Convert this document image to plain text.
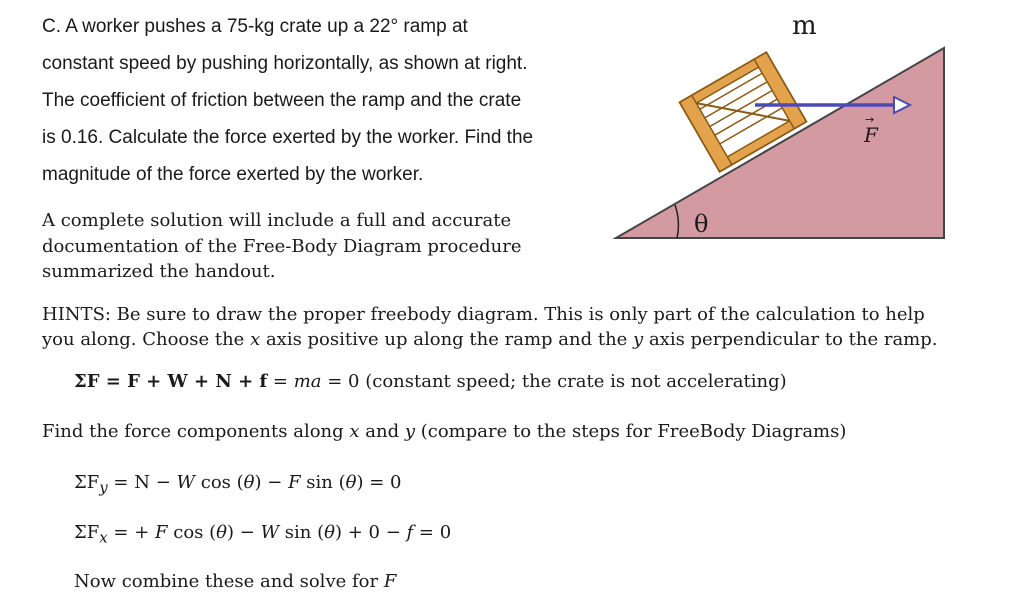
C. A worker pushes a 75-kg crate up a 22° ramp at
constant speed by pushing horizontally, as shown at right.
The coefficient of friction between the ramp and the crate
is 0.16. Calculate the force exerted by the worker. Find the
magnitude of the force exerted by the worker.
A complete solution will include a full and accurate
documentation of the Free-Body Diagram procedure
summarized the handout.
F
→
m
θ
HINTS: Be sure to draw the proper freebody diagram. This is only part of the calculation to help
you along. Choose the x axis positive up along the ramp and the y axis perpendicular to the ramp.
ΣF = F + W + N + f = ma = 0 (constant speed; the crate is not accelerating)
Find the force components along x and y (compare to the steps for FreeBody Diagrams)
$\Sigma F_y = N - W$ cos (θ) − F sin (θ) = 0
$\Sigma F_x$ = + F cos (θ) − W sin (θ) + 0 − f = 0
Now combine these and solve for F
